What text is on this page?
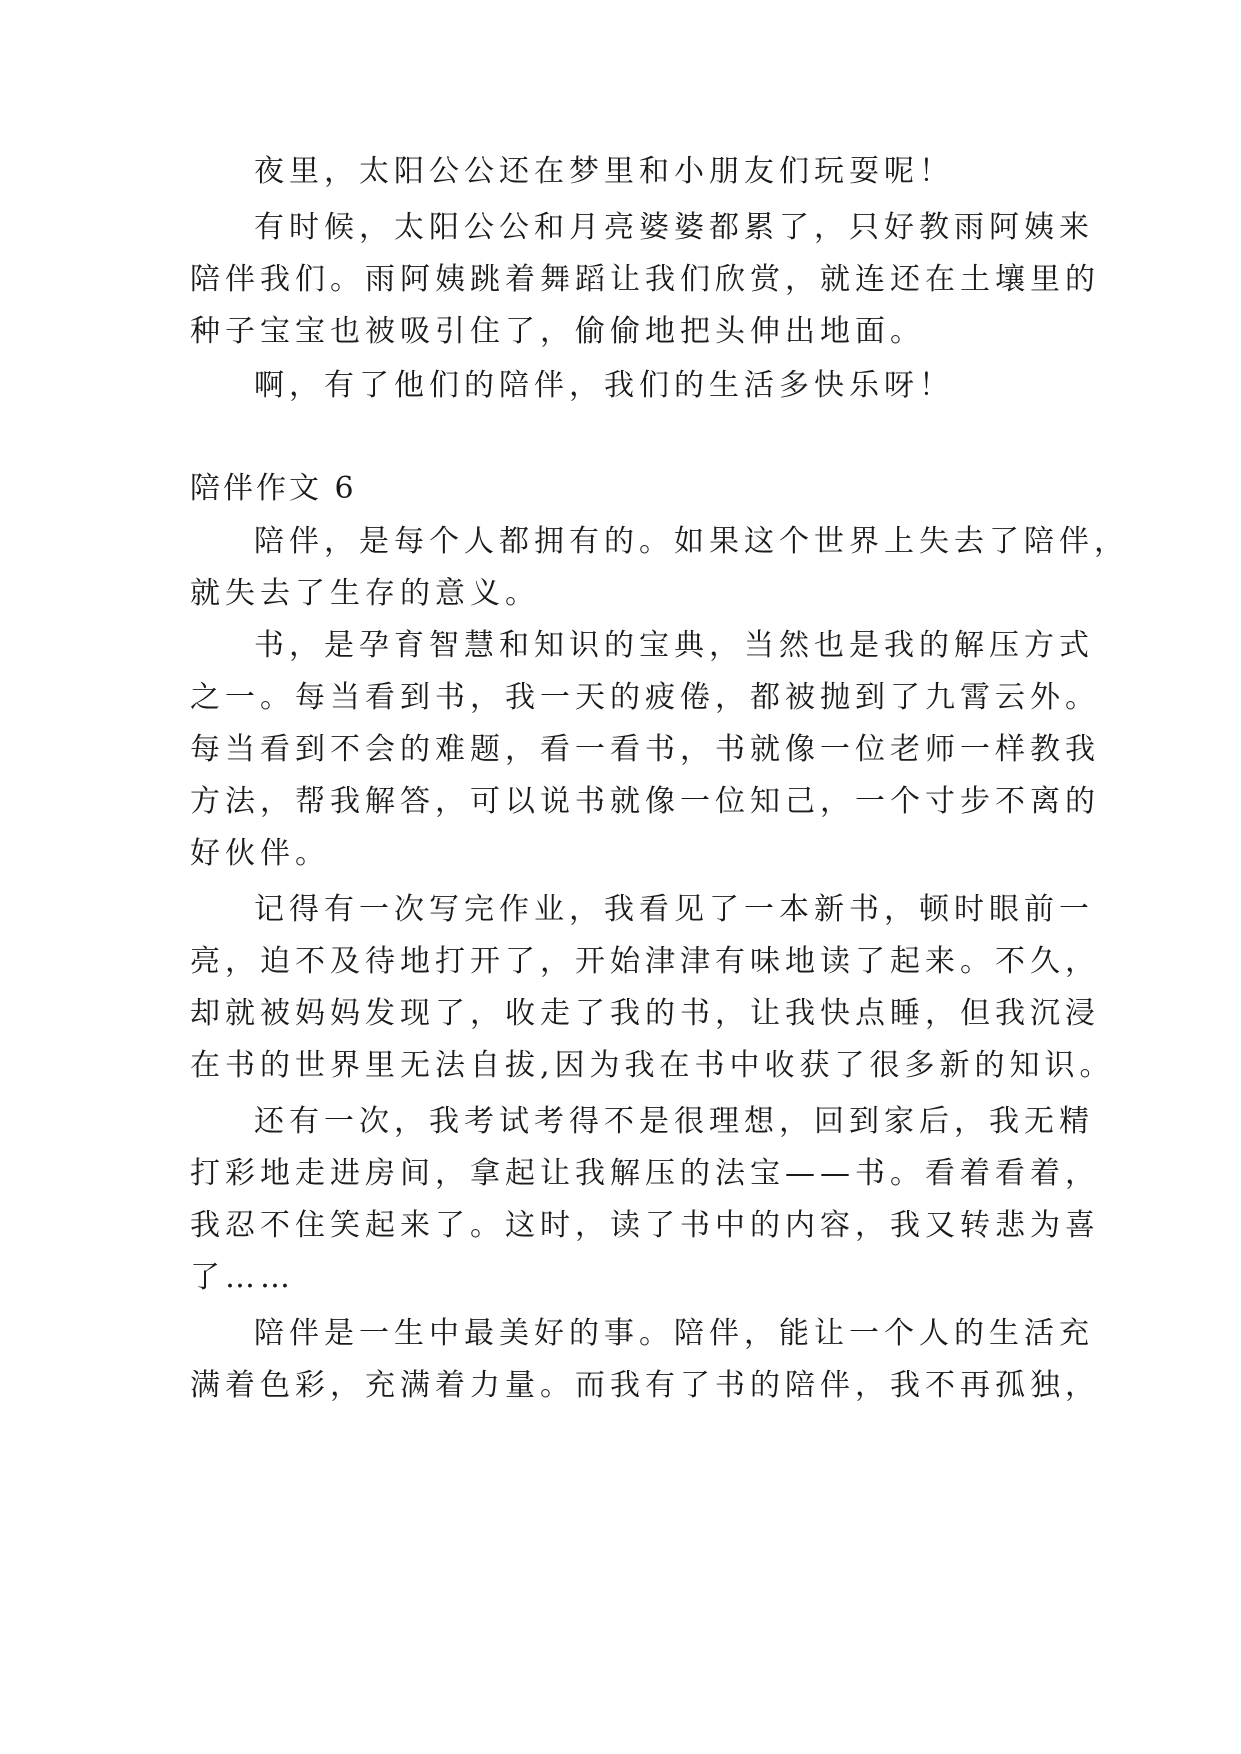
夜里，太阳公公还在梦里和小朋友们玩耍呢！

有时候，太阳公公和月亮婆婆都累了，只好教雨阿姨来

陪伴我们。雨阿姨跳着舞蹈让我们欣赏，就连还在土壤里的

种子宝宝也被吸引住了，偷偷地把头伸出地面。

啊，有了他们的陪伴，我们的生活多快乐呀！

陪伴作文 6

陪伴，是每个人都拥有的。如果这个世界上失去了陪伴，

就失去了生存的意义。

书，是孕育智慧和知识的宝典，当然也是我的解压方式

之一。每当看到书，我一天的疲倦，都被抛到了九霄云外。

每当看到不会的难题，看一看书，书就像一位老师一样教我

方法，帮我解答，可以说书就像一位知己，一个寸步不离的

好伙伴。

记得有一次写完作业，我看见了一本新书，顿时眼前一

亮，迫不及待地打开了，开始津津有味地读了起来。不久，

却就被妈妈发现了，收走了我的书，让我快点睡，但我沉浸

在书的世界里无法自拔,因为我在书中收获了很多新的知识。

还有一次，我考试考得不是很理想，回到家后，我无精

打彩地走进房间，拿起让我解压的法宝——书。看着看着，

我忍不住笑起来了。这时，读了书中的内容，我又转悲为喜

了……

陪伴是一生中最美好的事。陪伴，能让一个人的生活充

满着色彩，充满着力量。而我有了书的陪伴，我不再孤独，
